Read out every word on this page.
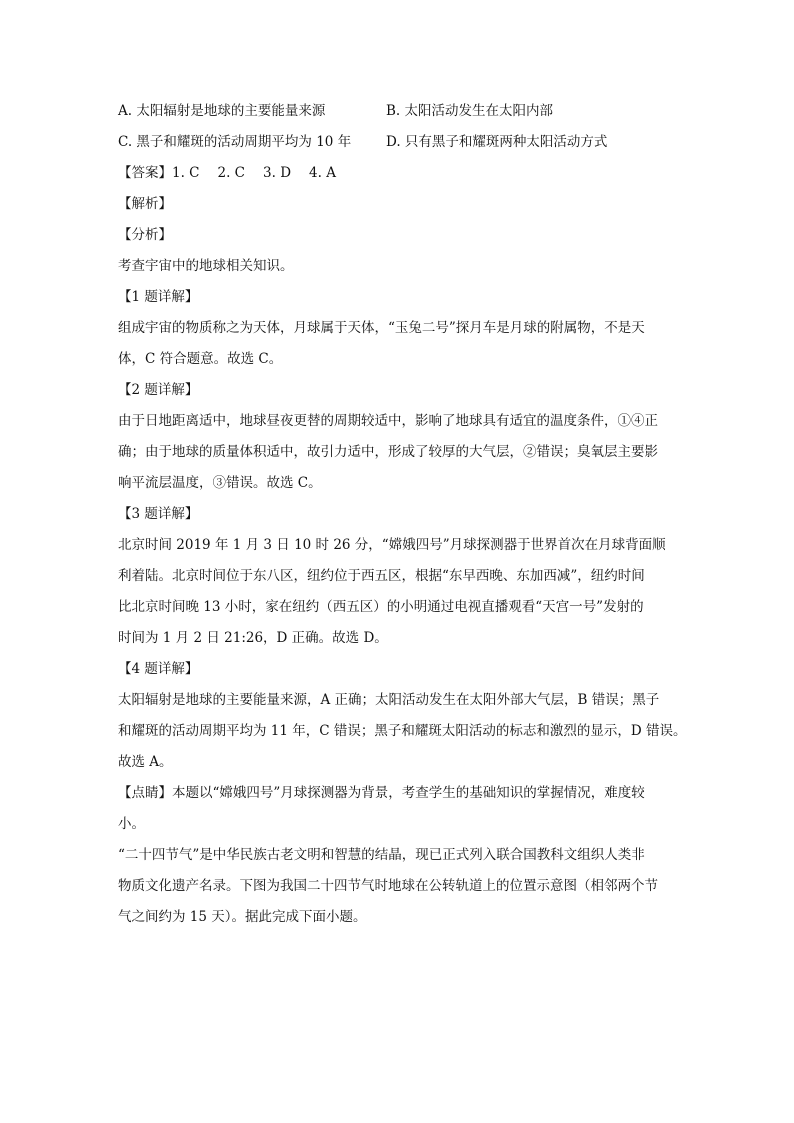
A. 太阳辐射是地球的主要能量来源	B. 太阳活动发生在太阳内部
C. 黑子和耀斑的活动周期平均为 10 年	D. 只有黑子和耀斑两种太阳活动方式
【答案】1. C 2. C 3. D 4. A
【解析】
【分析】
考查宇宙中的地球相关知识。
【1 题详解】
组成宇宙的物质称之为天体，月球属于天体，“玉兔二号”探月车是月球的附属物，不是天
体，C 符合题意。故选 C。
【2 题详解】
由于日地距离适中，地球昼夜更替的周期较适中，影响了地球具有适宜的温度条件，①④正
确；由于地球的质量体积适中，故引力适中，形成了较厚的大气层，②错误；臭氧层主要影
响平流层温度，③错误。故选 C。
【3 题详解】
北京时间 2019 年 1 月 3 日 10 时 26 分，“嫦娥四号”月球探测器于世界首次在月球背面顺
利着陆。北京时间位于东八区，纽约位于西五区，根据“东早西晚、东加西减”，纽约时间
比北京时间晚 13 小时，家在纽约（西五区）的小明通过电视直播观看“天宫一号”发射的
时间为 1 月 2 日 21:26，D 正确。故选 D。
【4 题详解】
太阳辐射是地球的主要能量来源，A 正确；太阳活动发生在太阳外部大气层，B 错误；黑子
和耀斑的活动周期平均为 11 年，C 错误；黑子和耀斑太阳活动的标志和激烈的显示，D 错误。
故选 A。
【点睛】本题以“嫦娥四号”月球探测器为背景，考查学生的基础知识的掌握情况，难度较
小。
“二十四节气”是中华民族古老文明和智慧的结晶，现已正式列入联合国教科文组织人类非
物质文化遗产名录。下图为我国二十四节气时地球在公转轨道上的位置示意图（相邻两个节
气之间约为 15 天）。据此完成下面小题。
